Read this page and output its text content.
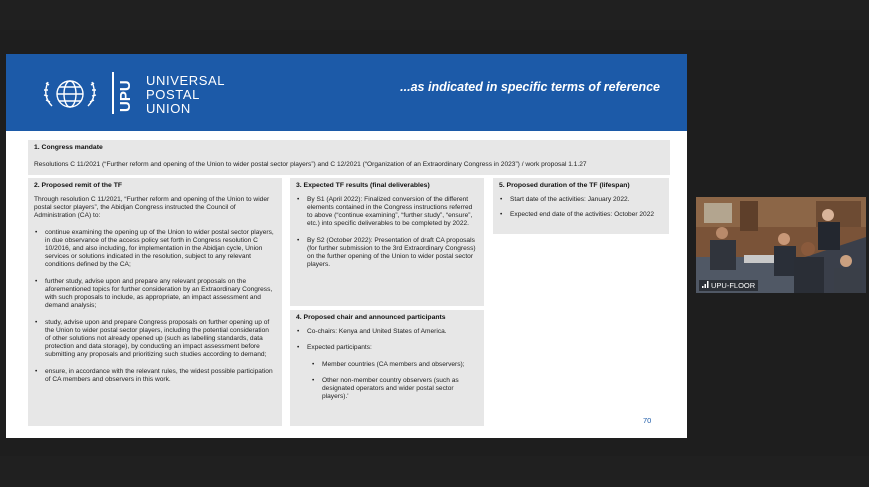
UPU UNIVERSAL
POSTAL
UNION
...as indicated in specific terms of reference
1. Congress mandate
Resolutions C 11/2021 (“Further reform and opening of the Union to wider postal sector players”) and C 12/2021 (“Organization of an Extraordinary Congress in 2023”) / work proposal 1.1.27
2. Proposed remit of the TF
Through resolution C 11/2021, “Further reform and opening of the Union to wider postal sector players”, the Abidjan Congress instructed the Council of Administration (CA) to:
• continue examining the opening up of the Union to wider postal sector players, in due observance of the access policy set forth in Congress resolution C 10/2016, and also including, for implementation in the Abidjan cycle, Union services or solutions indicated in the resolution, subject to any relevant conditions defined by the CA;
• further study, advise upon and prepare any relevant proposals on the aforementioned topics for further consideration by an Extraordinary Congress, with such proposals to include, as appropriate, an impact assessment and demand analysis;
• study, advise upon and prepare Congress proposals on further opening up of the Union to wider postal sector players, including the potential consideration of other solutions not already opened up (such as labelling standards, data protection and data storage), by conducting an impact assessment before submitting any proposals and prioritizing such studies according to demand;
• ensure, in accordance with the relevant rules, the widest possible participation of CA members and observers in this work.
3. Expected TF results (final deliverables)
• By S1 (April 2022): Finalized conversion of the different elements contained in the Congress instructions referred to above (“continue examining”, “further study”, “ensure”, etc.) into specific deliverables to be completed by 2022.
• By S2 (October 2022): Presentation of draft CA proposals (for further submission to the 3rd Extraordinary Congress) on the further opening of the Union to wider postal sector players.
4. Proposed chair and announced participants
• Co-chairs: Kenya and United States of America.
• Expected participants:
• Member countries (CA members and observers);
• Other non-member country observers (such as designated operators and wider postal sector players).'
5. Proposed duration of the TF (lifespan)
• Start date of the activities: January 2022.
• Expected end date of the activities: October 2022
70
UPU-FLOOR
